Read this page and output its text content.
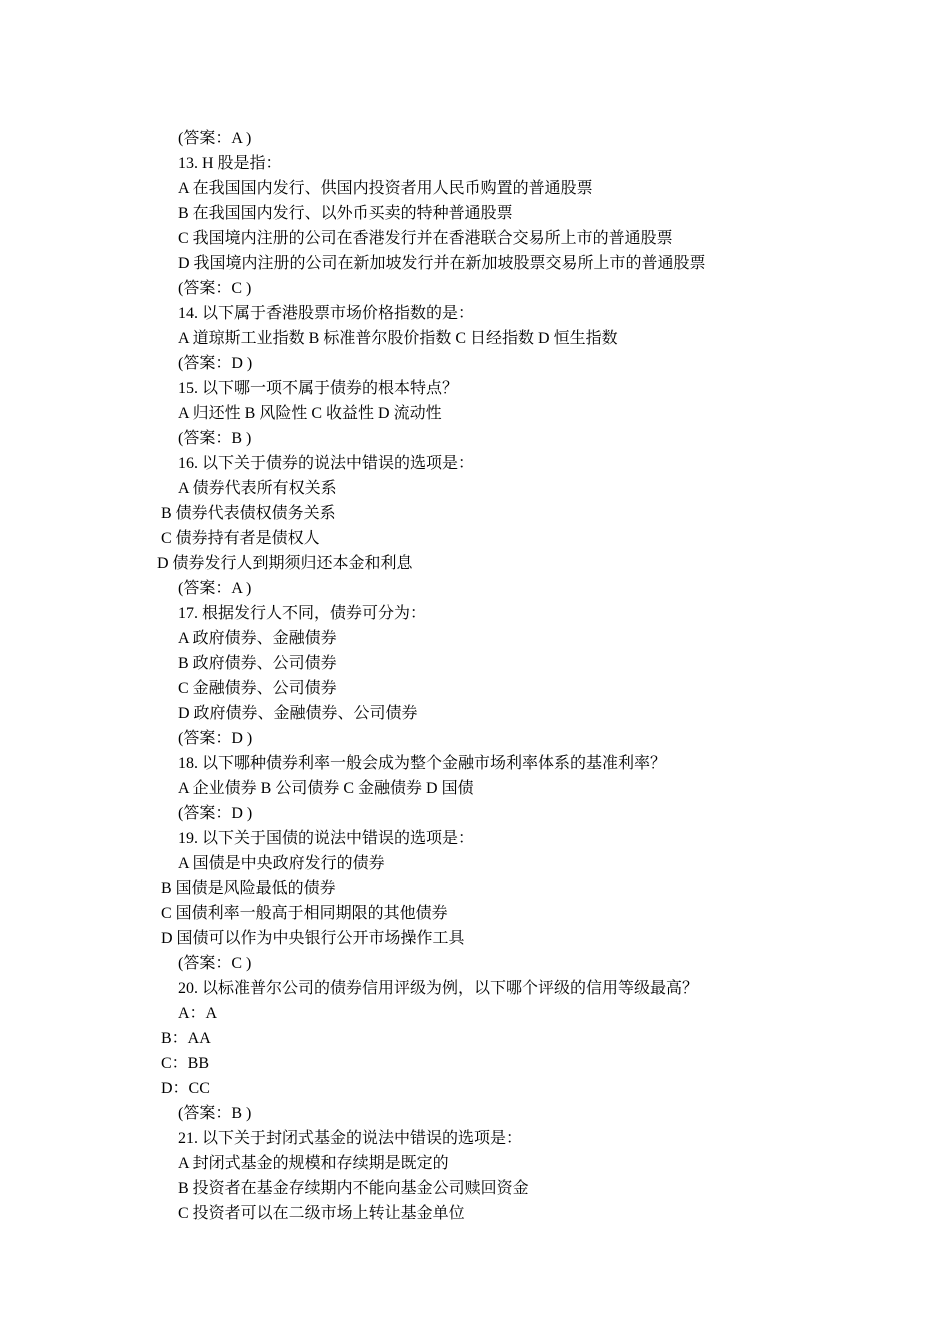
(答案：A )
13. H 股是指：
A 在我国国内发行、供国内投资者用人民币购置的普通股票
B 在我国国内发行、以外币买卖的特种普通股票
C 我国境内注册的公司在香港发行并在香港联合交易所上市的普通股票
D 我国境内注册的公司在新加坡发行并在新加坡股票交易所上市的普通股票
(答案：C )
14. 以下属于香港股票市场价格指数的是：
A 道琼斯工业指数 B 标准普尔股价指数 C 日经指数 D 恒生指数
(答案：D )
15. 以下哪一项不属于债券的根本特点？
A 归还性 B 风险性 C 收益性 D 流动性
(答案：B )
16. 以下关于债券的说法中错误的选项是：
A 债券代表所有权关系
B 债券代表债权债务关系
C 债券持有者是债权人
D 债券发行人到期须归还本金和利息
(答案：A )
17. 根据发行人不同，债券可分为：
A 政府债券、金融债券
B 政府债券、公司债券
C 金融债券、公司债券
D 政府债券、金融债券、公司债券
(答案：D )
18. 以下哪种债券利率一般会成为整个金融市场利率体系的基准利率？
A 企业债券 B 公司债券 C 金融债券 D 国债
(答案：D )
19. 以下关于国债的说法中错误的选项是：
A 国债是中央政府发行的债券
B 国债是风险最低的债券
C 国债利率一般高于相同期限的其他债券
D 国债可以作为中央银行公开市场操作工具
(答案：C )
20. 以标准普尔公司的债券信用评级为例，以下哪个评级的信用等级最高？
A：A
B：AA
C：BB
D：CC
(答案：B )
21. 以下关于封闭式基金的说法中错误的选项是：
A 封闭式基金的规模和存续期是既定的
B 投资者在基金存续期内不能向基金公司赎回资金
C 投资者可以在二级市场上转让基金单位
